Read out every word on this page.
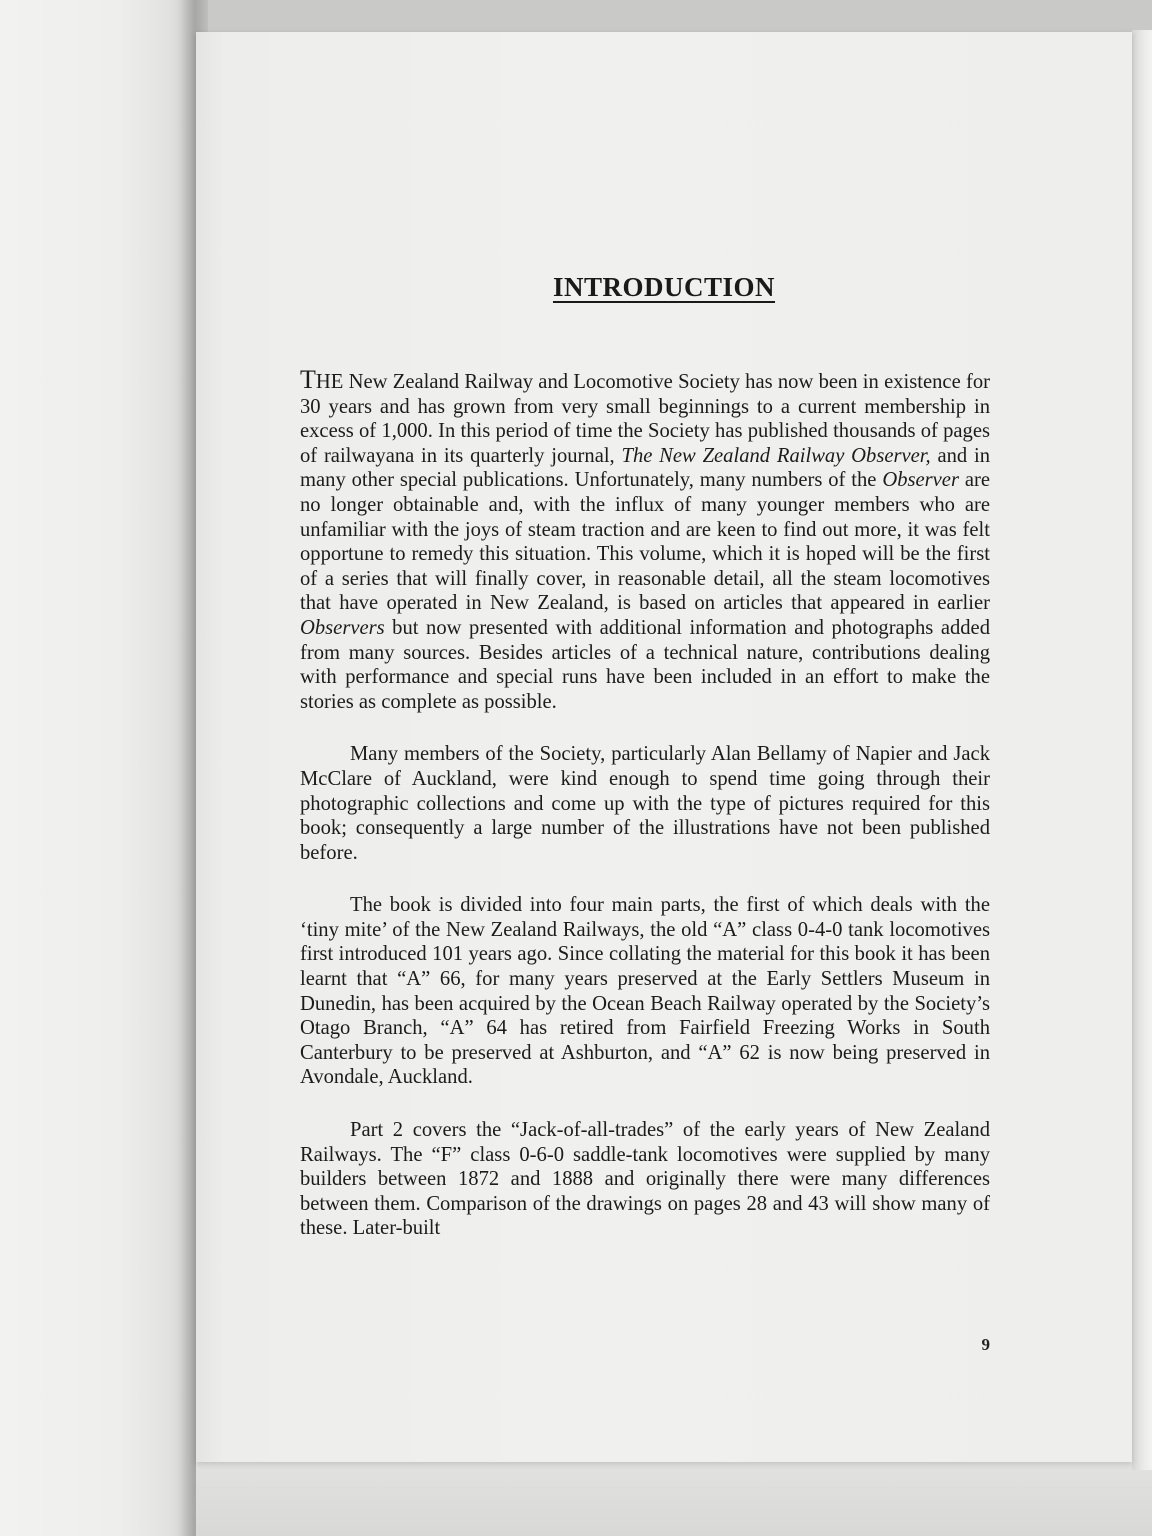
INTRODUCTION

THE New Zealand Railway and Locomotive Society has now been in existence for 30 years and has grown from very small beginnings to a current membership in excess of 1,000. In this period of time the Society has published thousands of pages of railwayana in its quarterly journal, The New Zealand Railway Observer, and in many other special publications. Unfortunately, many numbers of the Observer are no longer obtainable and, with the influx of many younger members who are unfamiliar with the joys of steam traction and are keen to find out more, it was felt opportune to remedy this situation. This volume, which it is hoped will be the first of a series that will finally cover, in reasonable detail, all the steam locomotives that have operated in New Zealand, is based on articles that appeared in earlier Observers but now presented with additional information and photographs added from many sources. Besides articles of a technical nature, contributions dealing with performance and special runs have been included in an effort to make the stories as complete as possible.

Many members of the Society, particularly Alan Bellamy of Napier and Jack McClare of Auckland, were kind enough to spend time going through their photographic collections and come up with the type of pictures required for this book; consequently a large number of the illustrations have not been published before.

The book is divided into four main parts, the first of which deals with the ‘tiny mite’ of the New Zealand Railways, the old “A” class 0-4-0 tank locomotives first introduced 101 years ago. Since collating the material for this book it has been learnt that “A” 66, for many years preserved at the Early Settlers Museum in Dunedin, has been acquired by the Ocean Beach Railway operated by the Society’s Otago Branch, “A” 64 has retired from Fairfield Freezing Works in South Canterbury to be preserved at Ashburton, and “A” 62 is now being preserved in Avondale, Auckland.

Part 2 covers the “Jack-of-all-trades” of the early years of New Zealand Railways. The “F” class 0-6-0 saddle-tank locomotives were supplied by many builders between 1872 and 1888 and originally there were many differences between them. Comparison of the drawings on pages 28 and 43 will show many of these. Later-built

9
